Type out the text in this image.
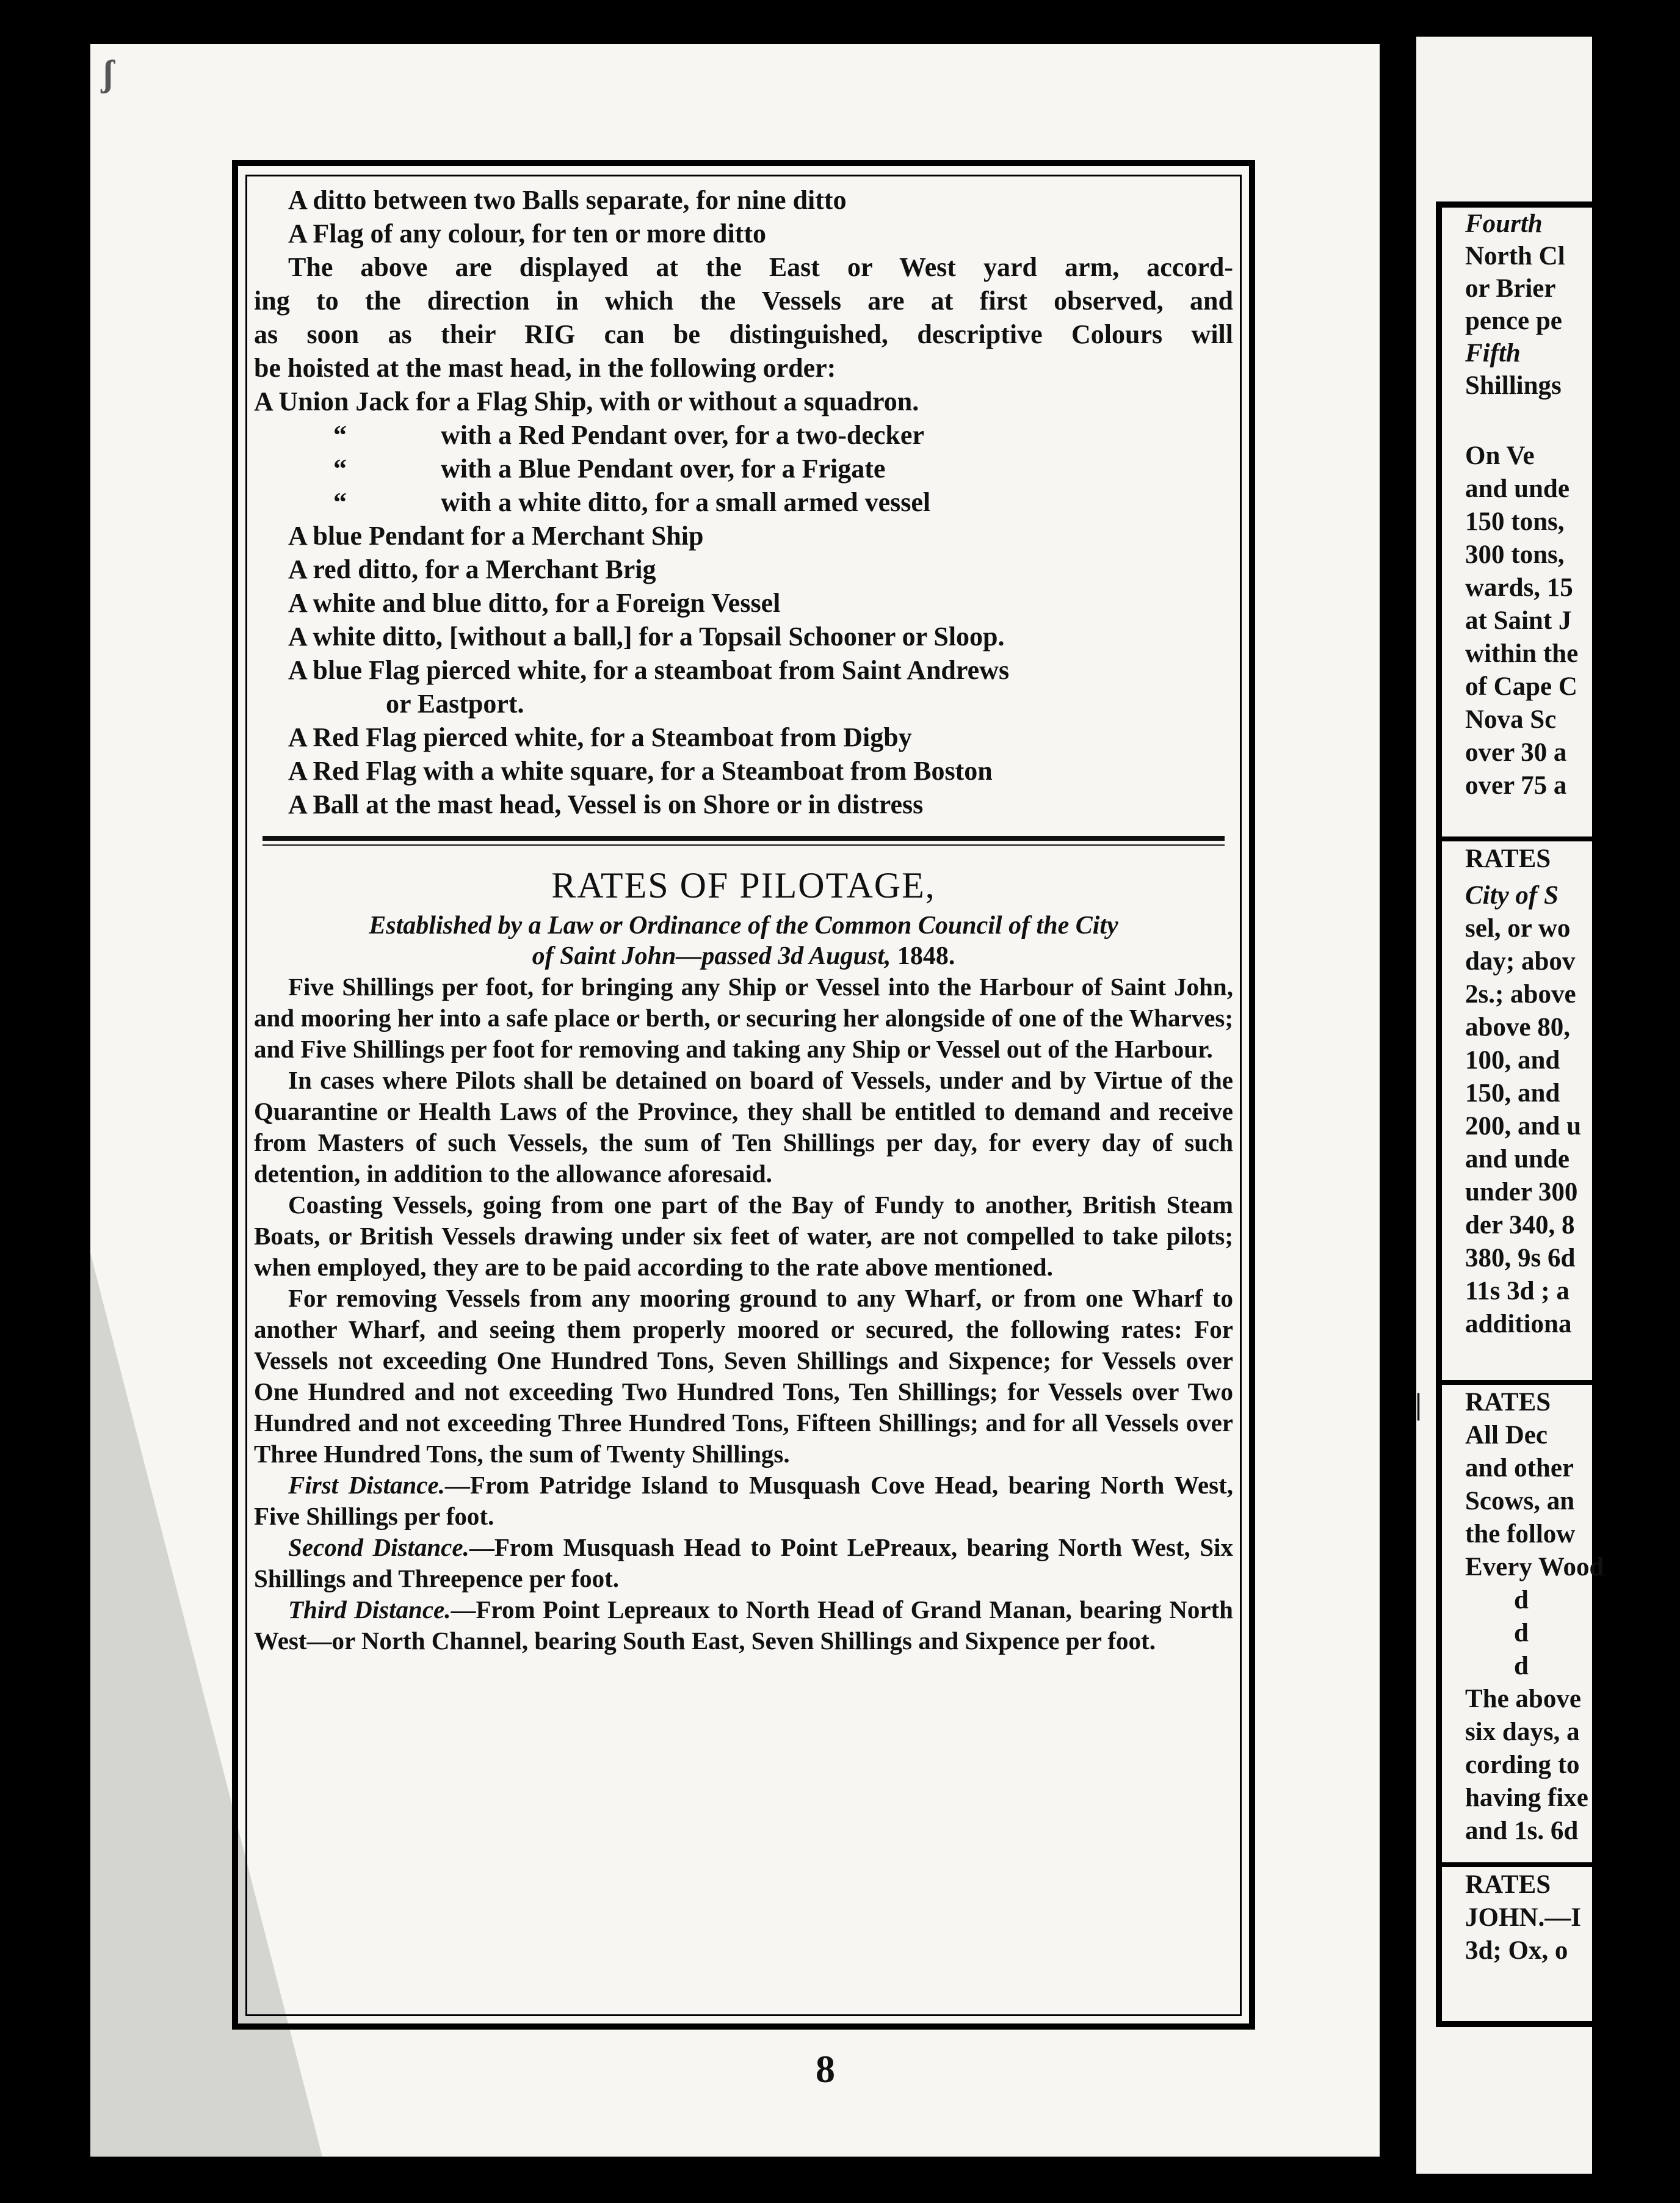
ʃ

A ditto between two Balls separate, for nine ditto

A Flag of any colour, for ten or more ditto

The above are displayed at the East or West yard arm, accord-

ing to the direction in which the Vessels are at first observed, and

as soon as their RIG can be distinguished, descriptive Colours will

be hoisted at the mast head, in the following order:

A Union Jack for a Flag Ship, with or without a squadron.

“	with a Red Pendant over, for a two-decker
“	with a Blue Pendant over, for a Frigate
“	with a white ditto, for a small armed vessel

A blue Pendant for a Merchant Ship

A red ditto, for a Merchant Brig

A white and blue ditto, for a Foreign Vessel

A white ditto, [without a ball,] for a Topsail Schooner or Sloop.

A blue Flag pierced white, for a steamboat from Saint Andrews

or Eastport.

A Red Flag pierced white, for a Steamboat from Digby

A Red Flag with a white square, for a Steamboat from Boston

A Ball at the mast head, Vessel is on Shore or in distress

RATES OF PILOTAGE,
Established by a Law or Ordinance of the Common Council of the City
of Saint John—passed 3d August, 1848.

Five Shillings per foot, for bringing any Ship or Vessel into the Harbour of Saint John, and mooring her into a safe place or berth, or securing her alongside of one of the Wharves; and Five Shillings per foot for removing and taking any Ship or Vessel out of the Harbour.

In cases where Pilots shall be detained on board of Vessels, under and by Virtue of the Quarantine or Health Laws of the Province, they shall be entitled to demand and receive from Masters of such Vessels, the sum of Ten Shillings per day, for every day of such detention, in addition to the allowance aforesaid.

Coasting Vessels, going from one part of the Bay of Fundy to another, British Steam Boats, or British Vessels drawing under six feet of water, are not compelled to take pilots; when employed, they are to be paid according to the rate above mentioned.

For removing Vessels from any mooring ground to any Wharf, or from one Wharf to another Wharf, and seeing them properly moored or secured, the following rates: For Vessels not exceeding One Hundred Tons, Seven Shillings and Sixpence; for Vessels over One Hundred and not exceeding Two Hundred Tons, Ten Shillings; for Vessels over Two Hundred and not exceeding Three Hundred Tons, Fifteen Shillings; and for all Vessels over Three Hundred Tons, the sum of Twenty Shillings.

First Distance.—From Patridge Island to Musquash Cove Head, bearing North West, Five Shillings per foot.

Second Distance.—From Musquash Head to Point LePreaux, bearing North West, Six Shillings and Threepence per foot.

Third Distance.—From Point Lepreaux to North Head of Grand Manan, bearing North West—or North Channel, bearing South East, Seven Shillings and Sixpence per foot.

8
|
Fourth
North Cl
or Brier
pence pe
Fifth
Shillings
On Ve
and unde
150 tons,
300 tons,
wards, 15
at Saint J
within the
of Cape C
Nova Sc
over 30 a
over 75 a
RATES
City of S
sel, or wo
day; abov
2s.; above
above 80,
100, and
150, and
200, and u
and unde
under 300
der 340, 8
380, 9s 6d
11s 3d ; a
additiona
RATES
All Dec
and other
Scows, an
the follow
Every Wood
d
d
d
The above
six days, a
cording to
having fixe
and 1s. 6d
RATES
JOHN.—I
3d; Ox, o
